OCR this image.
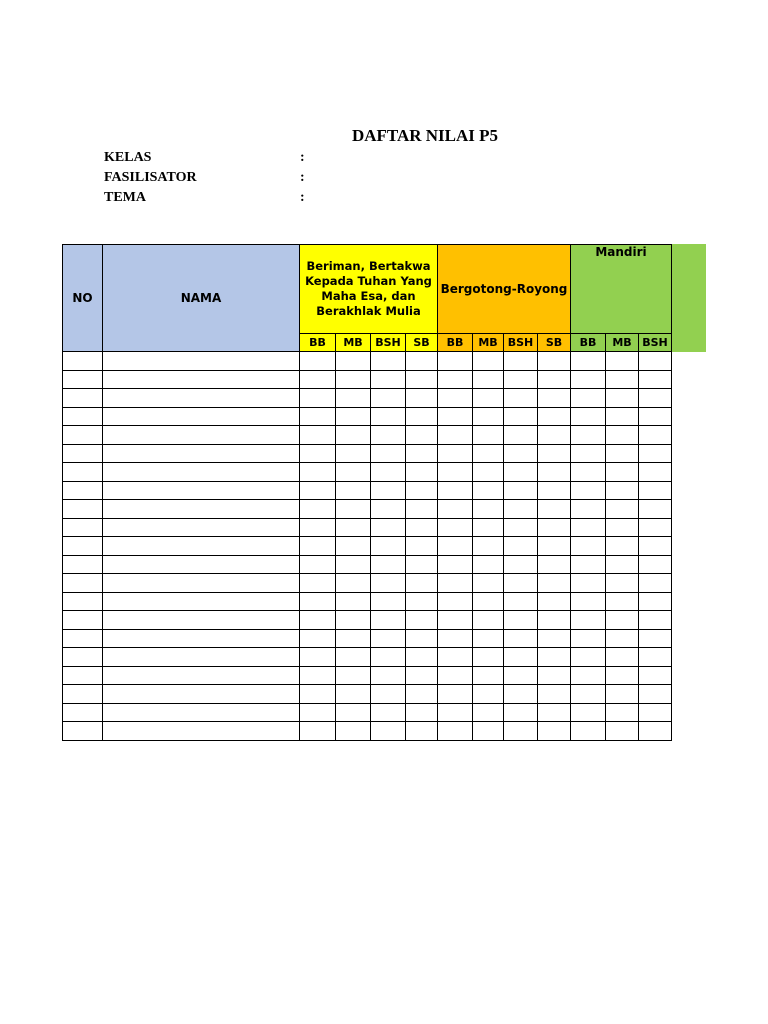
DAFTAR NILAI P5
KELAS	:
FASILISATOR	:
TEMA	:
NO	NAMA	Beriman, Bertakwa Kepada Tuhan Yang Maha Esa, dan Berakhlak Mulia				Bergotong-Royong				Mandiri		
		BB	MB	BSH	SB	BB	MB	BSH	SB	BB	MB	BSH
